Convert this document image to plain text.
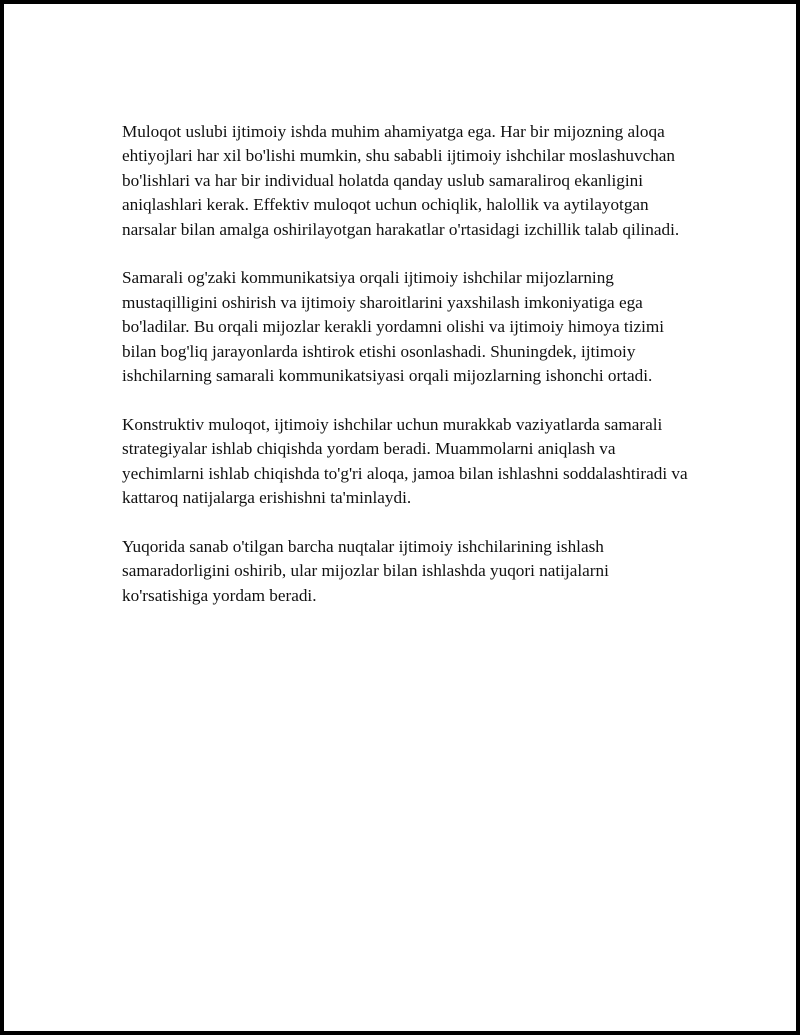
Muloqot uslubi ijtimoiy ishda muhim ahamiyatga ega. Har bir mijozning aloqa ehtiyojlari har xil bo'lishi mumkin, shu sababli ijtimoiy ishchilar moslashuvchan bo'lishlari va har bir individual holatda qanday uslub samaraliroq ekanligini aniqlashlari kerak. Effektiv muloqot uchun ochiqlik, halollik va aytilayotgan narsalar bilan amalga oshirilayotgan harakatlar o'rtasidagi izchillik talab qilinadi.

Samarali og'zaki kommunikatsiya orqali ijtimoiy ishchilar mijozlarning mustaqilligini oshirish va ijtimoiy sharoitlarini yaxshilash imkoniyatiga ega bo'ladilar. Bu orqali mijozlar kerakli yordamni olishi va ijtimoiy himoya tizimi bilan bog'liq jarayonlarda ishtirok etishi osonlashadi. Shuningdek, ijtimoiy ishchilarning samarali kommunikatsiyasi orqali mijozlarning ishonchi ortadi.

Konstruktiv muloqot, ijtimoiy ishchilar uchun murakkab vaziyatlarda samarali strategiyalar ishlab chiqishda yordam beradi. Muammolarni aniqlash va yechimlarni ishlab chiqishda to'g'ri aloqa, jamoa bilan ishlashni soddalashtiradi va kattaroq natijalarga erishishni ta'minlaydi.

Yuqorida sanab o'tilgan barcha nuqtalar ijtimoiy ishchilarining ishlash samaradorligini oshirib, ular mijozlar bilan ishlashda yuqori natijalarni ko'rsatishiga yordam beradi.
